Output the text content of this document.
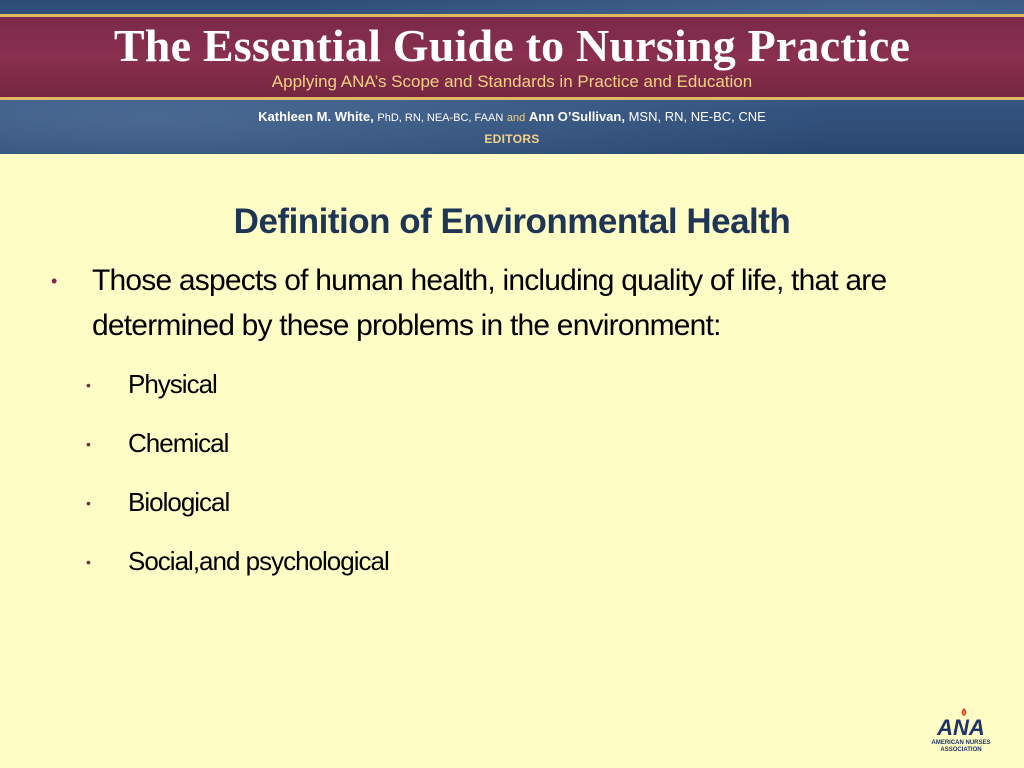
The Essential Guide to Nursing Practice
Applying ANA’s Scope and Standards in Practice and Education
Kathleen M. White, PhD, RN, NEA-BC, FAAN and Ann O’Sullivan, MSN, RN, NE-BC, CNE
EDITORS
Definition of Environmental Health
• Those aspects of human health, including quality of life, that are determined by these problems in the environment:
• Physical
• Chemical
• Biological
• Social,and psychological
ANA
AMERICAN NURSES
ASSOCIATION
